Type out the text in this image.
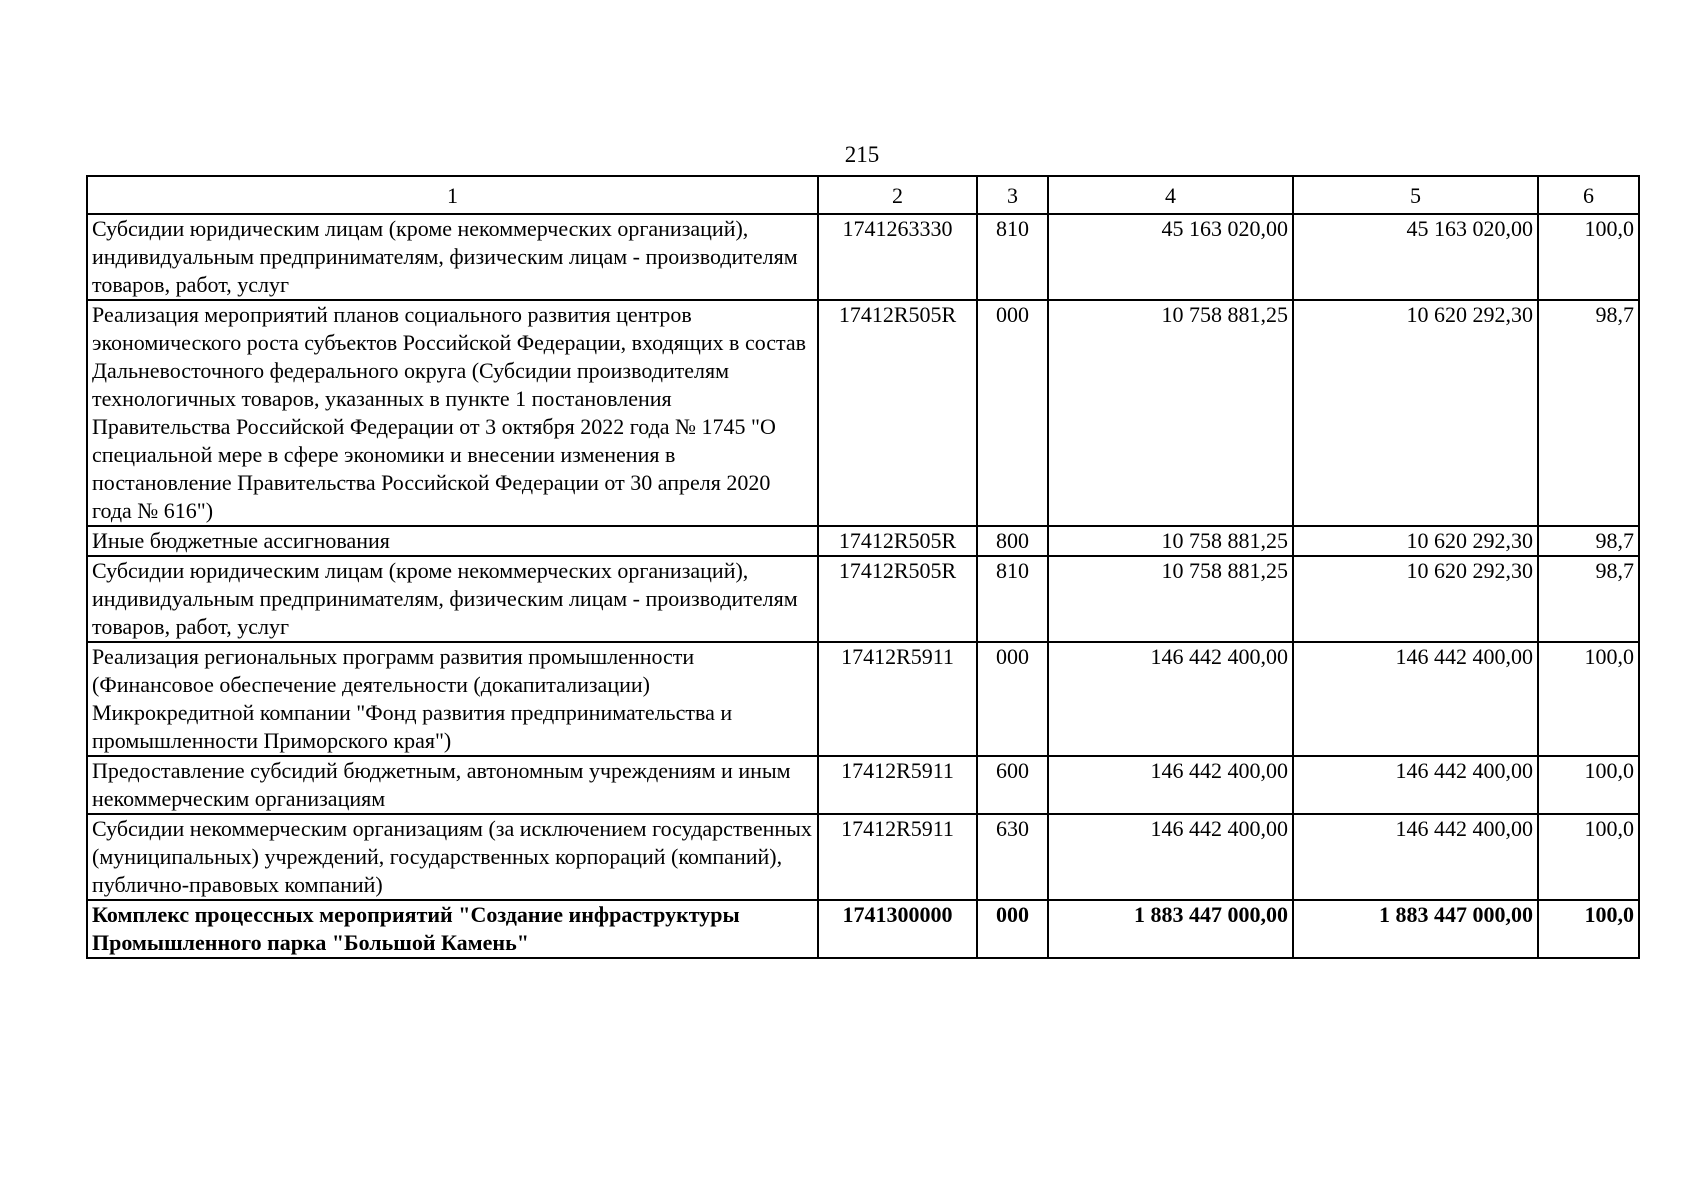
215
1	2	3	4	5	6
Субсидии юридическим лицам (кроме некоммерческих организаций), индивидуальным предпринимателям, физическим лицам - производителям товаров, работ, услуг	1741263330	810	45 163 020,00	45 163 020,00	100,0
Реализация мероприятий планов социального развития центров экономического роста субъектов Российской Федерации, входящих в состав Дальневосточного федерального округа (Субсидии производителям технологичных товаров, указанных в пункте 1 постановления Правительства Российской Федерации от 3 октября 2022 года № 1745 "О специальной мере в сфере экономики и внесении изменения в постановление Правительства Российской Федерации от 30 апреля 2020 года № 616")	17412R505R	000	10 758 881,25	10 620 292,30	98,7
Иные бюджетные ассигнования	17412R505R	800	10 758 881,25	10 620 292,30	98,7
Субсидии юридическим лицам (кроме некоммерческих организаций), индивидуальным предпринимателям, физическим лицам - производителям товаров, работ, услуг	17412R505R	810	10 758 881,25	10 620 292,30	98,7
Реализация региональных программ развития промышленности (Финансовое обеспечение деятельности (докапитализации) Микрокредитной компании "Фонд развития предпринимательства и промышленности Приморского края")	17412R5911	000	146 442 400,00	146 442 400,00	100,0
Предоставление субсидий бюджетным, автономным учреждениям и иным некоммерческим организациям	17412R5911	600	146 442 400,00	146 442 400,00	100,0
Субсидии некоммерческим организациям (за исключением государственных (муниципальных) учреждений, государственных корпораций (компаний), публично-правовых компаний)	17412R5911	630	146 442 400,00	146 442 400,00	100,0
Комплекс процессных мероприятий "Создание инфраструктуры Промышленного парка "Большой Камень"	1741300000	000	1 883 447 000,00	1 883 447 000,00	100,0
